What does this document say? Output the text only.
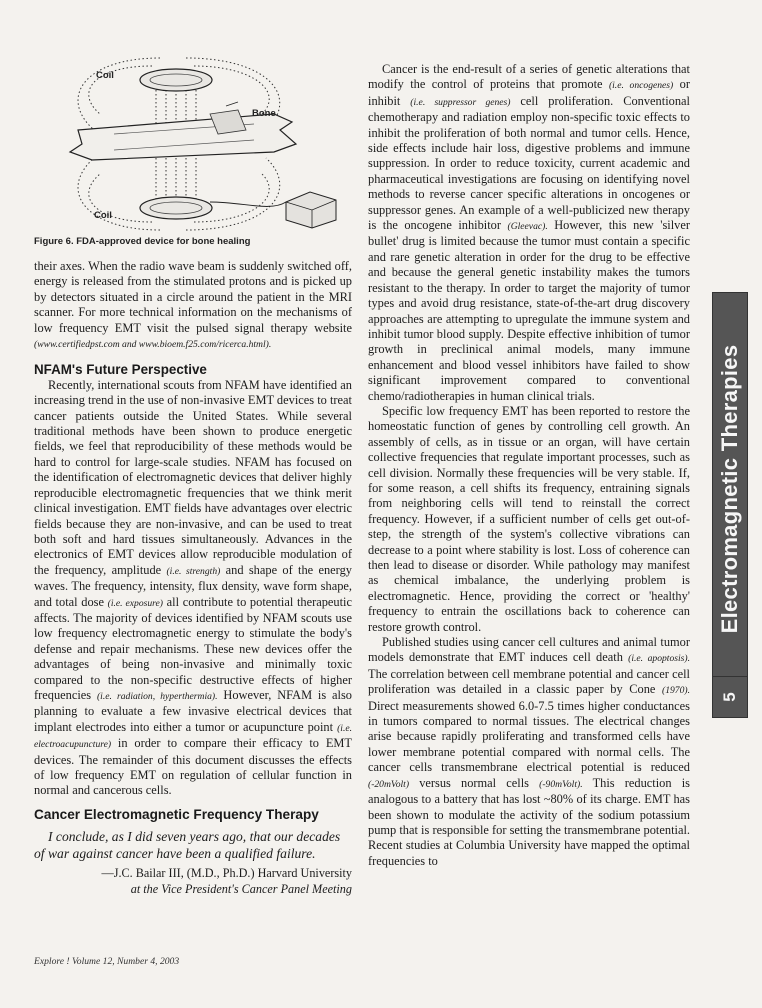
Coil
Bone
Coil
Figure 6. FDA-approved device for bone healing

their axes. When the radio wave beam is suddenly switched off, energy is released from the stimulated protons and is picked up by detectors situated in a circle around the patient in the MRI scanner. For more technical information on the mechanisms of low frequency EMT visit the pulsed signal therapy website (www.certifiedpst.com and www.bioem.f25.com/ricerca.html).

NFAM's Future Perspective

Recently, international scouts from NFAM have identified an increasing trend in the use of non-invasive EMT devices to treat cancer patients outside the United States. While several traditional methods have been shown to produce energetic fields, we feel that reproducibility of these methods would be hard to control for large-scale studies. NFAM has focused on the identification of electromagnetic devices that deliver highly reproducible electromagnetic frequencies that we think merit clinical investigation. EMT fields have advantages over electric fields because they are non-invasive, and can be used to treat both soft and hard tissues simultaneously. Advances in the electronics of EMT devices allow reproducible modulation of the frequency, amplitude (i.e. strength) and shape of the energy waves. The frequency, intensity, flux density, wave form shape, and total dose (i.e. exposure) all contribute to potential therapeutic affects. The majority of devices identified by NFAM scouts use low frequency electromagnetic energy to stimulate the body's defense and repair mechanisms. These new devices offer the advantages of being non-invasive and minimally toxic compared to the non-specific destructive effects of higher frequencies (i.e. radiation, hyperthermia). However, NFAM is also planning to evaluate a few invasive electrical devices that implant electrodes into either a tumor or acupuncture point (i.e. electroacupuncture) in order to compare their efficacy to EMT devices. The remainder of this document discusses the effects of low frequency EMT on regulation of cellular function in normal and cancerous cells.

Cancer Electromagnetic Frequency Therapy

I conclude, as I did seven years ago, that our decades of war against cancer have been a qualified failure.

—J.C. Bailar III, (M.D., Ph.D.) Harvard University

at the Vice President's Cancer Panel Meeting

Cancer is the end-result of a series of genetic alterations that modify the control of proteins that promote (i.e. oncogenes) or inhibit (i.e. suppressor genes) cell proliferation. Conventional chemotherapy and radiation employ non-specific toxic effects to inhibit the proliferation of both normal and tumor cells. Hence, side effects include hair loss, digestive problems and immune suppression. In order to reduce toxicity, current academic and pharmaceutical investigations are focusing on identifying novel methods to reverse cancer specific alterations in oncogenes or suppressor genes. An example of a well-publicized new therapy is the oncogene inhibitor (Gleevac). However, this new 'silver bullet' drug is limited because the tumor must contain a specific and rare genetic alteration in order for the drug to be effective and because the general genetic instability makes the tumors resistant to the therapy. In order to target the majority of tumor types and avoid drug resistance, state-of-the-art drug discovery approaches are attempting to upregulate the immune system and inhibit tumor blood supply. Despite effective inhibition of tumor growth in preclinical animal models, many immune enhancement and blood vessel inhibitors have failed to show significant improvement compared to conventional chemo/radiotherapies in human clinical trials.

Specific low frequency EMT has been reported to restore the homeostatic function of genes by controlling cell growth. An assembly of cells, as in tissue or an organ, will have certain collective frequencies that regulate important processes, such as cell division. Normally these frequencies will be very stable. If, for some reason, a cell shifts its frequency, entraining signals from neighboring cells will tend to reinstall the correct frequency. However, if a sufficient number of cells get out-of-step, the strength of the system's collective vibrations can decrease to a point where stability is lost. Loss of coherence can then lead to disease or disorder. While pathology may manifest as chemical imbalance, the underlying problem is electromagnetic. Hence, providing the correct or 'healthy' frequency to entrain the oscillations back to coherence can restore growth control.

Published studies using cancer cell cultures and animal tumor models demonstrate that EMT induces cell death (i.e. apoptosis). The correlation between cell membrane potential and cancer cell proliferation was detailed in a classic paper by Cone (1970). Direct measurements showed 6.0-7.5 times higher conductances in tumors compared to normal tissues. The electrical changes arise because rapidly proliferating and transformed cells have lower membrane potential compared with normal cells. The cancer cells transmembrane electrical potential is reduced (-20mVolt) versus normal cells (-90mVolt). This reduction is analogous to a battery that has lost ~80% of its charge. EMT has been shown to modulate the activity of the sodium potassium pump that is responsible for setting the transmembrane potential. Recent studies at Columbia University have mapped the optimal frequencies to

Electromagnetic Therapies
5
Explore ! Volume 12, Number 4, 2003
